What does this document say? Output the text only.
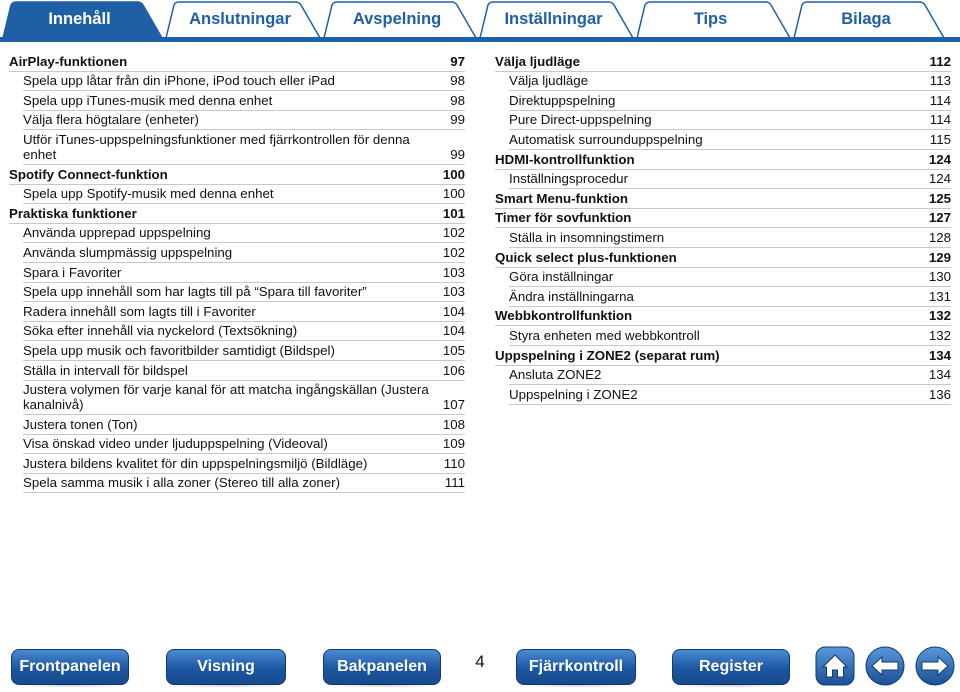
Innehåll	Anslutningar	Avspelning	Inställningar	Tips	Bilaga
AirPlay-funktionen	97
Spela upp låtar från din iPhone, iPod touch eller iPad	98
Spela upp iTunes-musik med denna enhet	98
Välja flera högtalare (enheter)	99
Utför iTunes-uppspelningsfunktioner med fjärrkontrollen för denna enhet	99
Spotify Connect-funktion	100
Spela upp Spotify-musik med denna enhet	100
Praktiska funktioner	101
Använda upprepad uppspelning	102
Använda slumpmässig uppspelning	102
Spara i Favoriter	103
Spela upp innehåll som har lagts till på “Spara till favoriter”	103
Radera innehåll som lagts till i Favoriter	104
Söka efter innehåll via nyckelord (Textsökning)	104
Spela upp musik och favoritbilder samtidigt (Bildspel)	105
Ställa in intervall för bildspel	106
Justera volymen för varje kanal för att matcha ingångskällan (Justera kanalnivå)	107
Justera tonen (Ton)	108
Visa önskad video under ljuduppspelning (Videoval)	109
Justera bildens kvalitet för din uppspelningsmiljö (Bildläge)	110
Spela samma musik i alla zoner (Stereo till alla zoner)	111
Välja ljudläge	112
Välja ljudläge	113
Direktuppspelning	114
Pure Direct-uppspelning	114
Automatisk surrounduppspelning	115
HDMI-kontrollfunktion	124
Inställningsprocedur	124
Smart Menu-funktion	125
Timer för sovfunktion	127
Ställa in insomningstimern	128
Quick select plus-funktionen	129
Göra inställningar	130
Ändra inställningarna	131
Webbkontrollfunktion	132
Styra enheten med webbkontroll	132
Uppspelning i ZONE2 (separat rum)	134
Ansluta ZONE2	134
Uppspelning i ZONE2	136
Frontpanelen	Visning	Bakpanelen	4	Fjärrkontroll	Register
